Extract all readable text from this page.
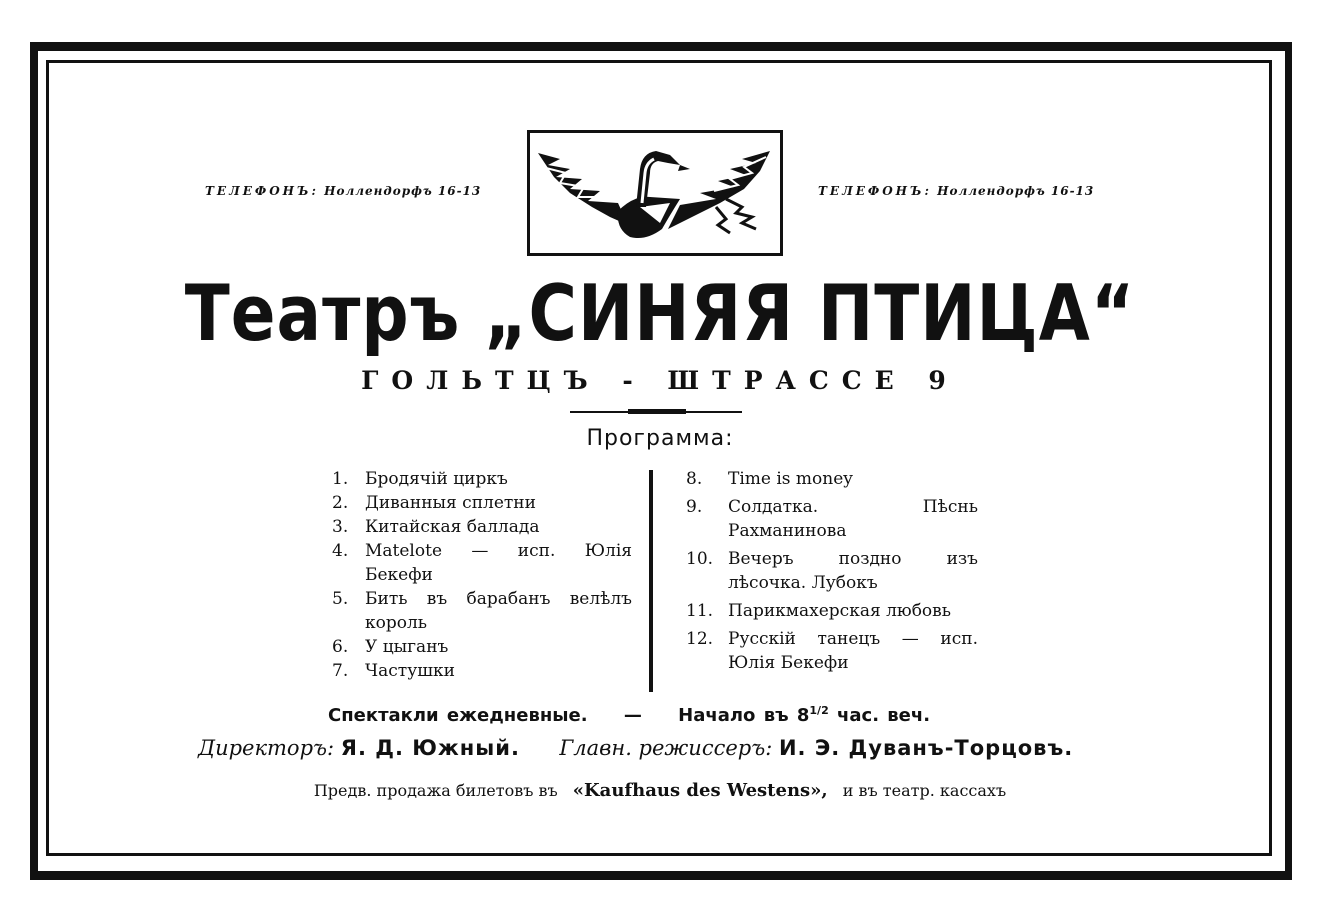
ТЕЛЕФОНЪ: Ноллендорфъ 16-13	ТЕЛЕФОНЪ: Ноллендорфъ 16-13
Театръ „СИНЯЯ ПТИЦА“
ГОЛЬТЦЪ - ШТРАССЕ 9
Программа:
1. Бродячій циркъ
2. Диванныя сплетни
3. Китайская баллада
4. Matelote — исп. Юлія Бекефи
5. Бить въ барабанъ велѣлъ король
6. У цыганъ
7. Частушки
8. Time is money
9. Солдатка. Пѣснь Рахманинова
10. Вечеръ поздно изъ лѣсочка. Лубокъ
11. Парикмахерская любовь
12. Русскій танецъ — исп. Юлія Бекефи
Спектакли ежедневные. — Начало въ $8^{1/2}$ час. веч.
Директоръ: Я. Д. Южный. Главн. режиссеръ: И. Э. Дуванъ-Торцовъ.
Предв. продажа билетовъ въ «Kaufhaus des Westens», и въ театр. кассахъ
